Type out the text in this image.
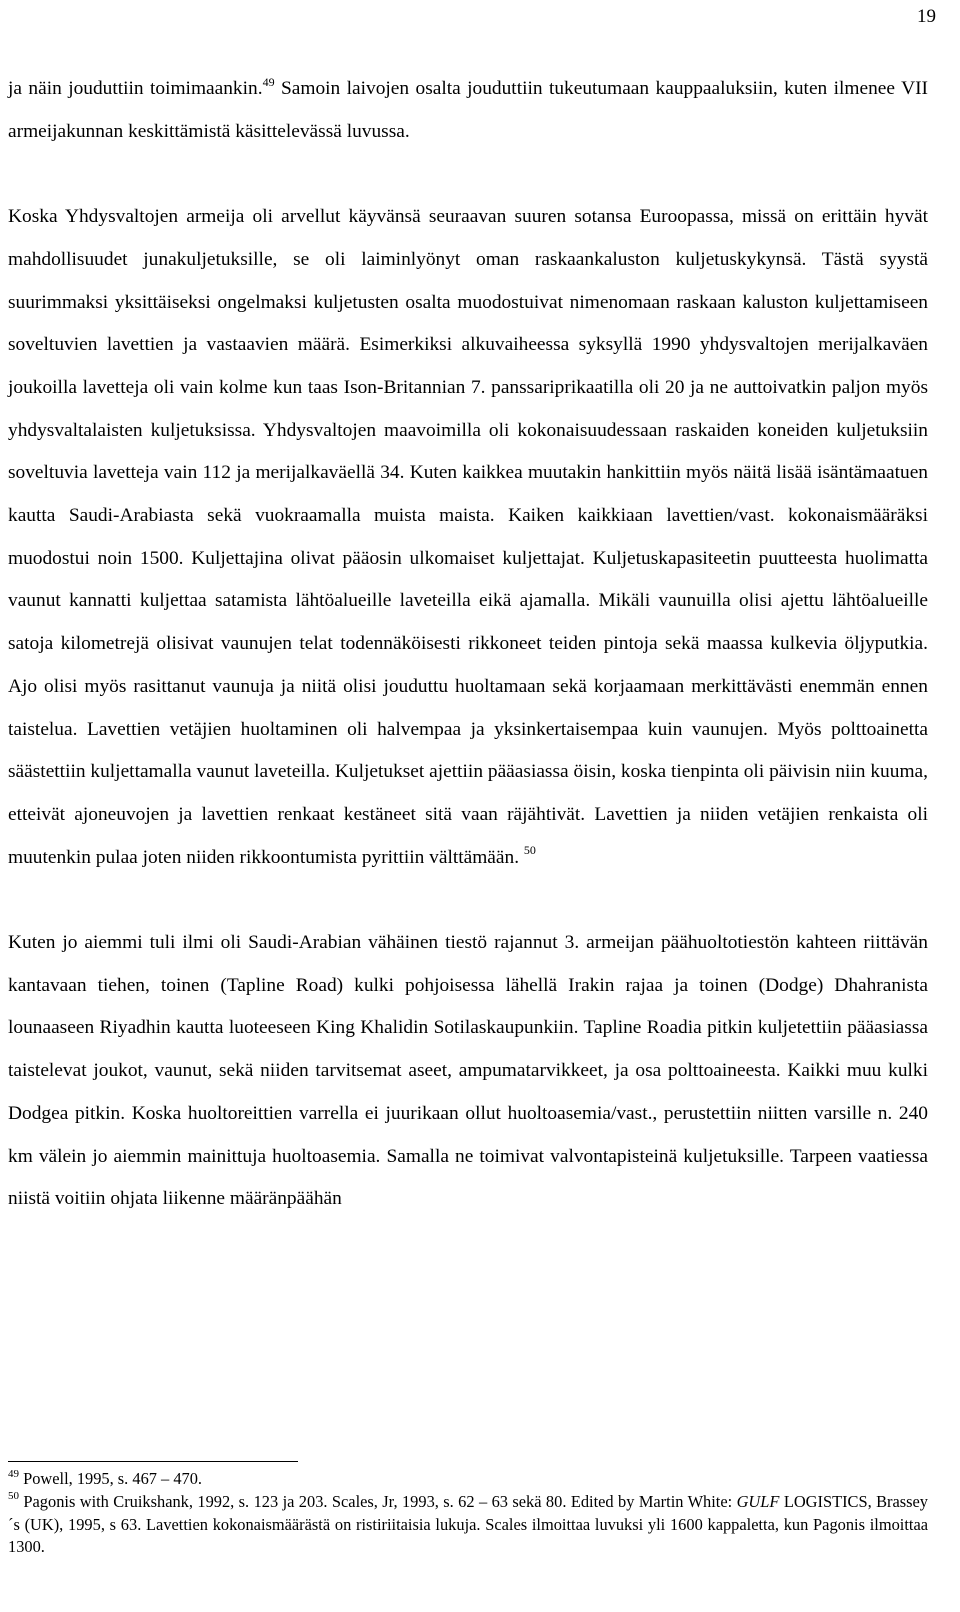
19

ja näin jouduttiin toimimaankin.$^{49}$ Samoin laivojen osalta jouduttiin tukeutumaan kauppaaluksiin, kuten ilmenee VII armeijakunnan keskittämistä käsittelevässä luvussa.

Koska Yhdysvaltojen armeija oli arvellut käyvänsä seuraavan suuren sotansa Euroopassa, missä on erittäin hyvät mahdollisuudet junakuljetuksille, se oli laiminlyönyt oman raskaankaluston kuljetuskykynsä. Tästä syystä suurimmaksi yksittäiseksi ongelmaksi kuljetusten osalta muodostuivat nimenomaan raskaan kaluston kuljettamiseen soveltuvien lavettien ja vastaavien määrä. Esimerkiksi alkuvaiheessa syksyllä 1990 yhdysvaltojen merijalkaväen joukoilla lavetteja oli vain kolme kun taas Ison-Britannian 7. panssariprikaatilla oli 20 ja ne auttoivatkin paljon myös yhdysvaltalaisten kuljetuksissa. Yhdysvaltojen maavoimilla oli kokonaisuudessaan raskaiden koneiden kuljetuksiin soveltuvia lavetteja vain 112 ja merijalkaväellä 34. Kuten kaikkea muutakin hankittiin myös näitä lisää isäntämaatuen kautta Saudi-Arabiasta sekä vuokraamalla muista maista. Kaiken kaikkiaan lavettien/vast. kokonaismääräksi muodostui noin 1500. Kuljettajina olivat pääosin ulkomaiset kuljettajat. Kuljetuskapasiteetin puutteesta huolimatta vaunut kannatti kuljettaa satamista lähtöalueille laveteilla eikä ajamalla. Mikäli vaunuilla olisi ajettu lähtöalueille satoja kilometrejä olisivat vaunujen telat todennäköisesti rikkoneet teiden pintoja sekä maassa kulkevia öljyputkia. Ajo olisi myös rasittanut vaunuja ja niitä olisi jouduttu huoltamaan sekä korjaamaan merkittävästi enemmän ennen taistelua. Lavettien vetäjien huoltaminen oli halvempaa ja yksinkertaisempaa kuin vaunujen. Myös polttoainetta säästettiin kuljettamalla vaunut laveteilla. Kuljetukset ajettiin pääasiassa öisin, koska tienpinta oli päivisin niin kuuma, etteivät ajoneuvojen ja lavettien renkaat kestäneet sitä vaan räjähtivät. Lavettien ja niiden vetäjien renkaista oli muutenkin pulaa joten niiden rikkoontumista pyrittiin välttämään. $^{50}$

Kuten jo aiemmi tuli ilmi oli Saudi-Arabian vähäinen tiestö rajannut 3. armeijan päähuoltotiestön kahteen riittävän kantavaan tiehen, toinen (Tapline Road) kulki pohjoisessa lähellä Irakin rajaa ja toinen (Dodge) Dhahranista lounaaseen Riyadhin kautta luoteeseen King Khalidin Sotilaskaupunkiin. Tapline Roadia pitkin kuljetettiin pääasiassa taistelevat joukot, vaunut, sekä niiden tarvitsemat aseet, ampumatarvikkeet, ja osa polttoaineesta. Kaikki muu kulki Dodgea pitkin. Koska huoltoreittien varrella ei juurikaan ollut huoltoasemia/vast., perustettiin niitten varsille n. 240 km välein jo aiemmin mainittuja huoltoasemia. Samalla ne toimivat valvontapisteinä kuljetuksille. Tarpeen vaatiessa niistä voitiin ohjata liikenne määränpäähän

$^{49}$ Powell, 1995, s. 467 – 470.

$^{50}$ Pagonis with Cruikshank, 1992, s. 123 ja 203. Scales, Jr, 1993, s. 62 – 63 sekä 80. Edited by Martin White: GULF LOGISTICS, Brassey´s (UK), 1995, s 63. Lavettien kokonaismäärästä on ristiriitaisia lukuja. Scales ilmoittaa luvuksi yli 1600 kappaletta, kun Pagonis ilmoittaa 1300.
